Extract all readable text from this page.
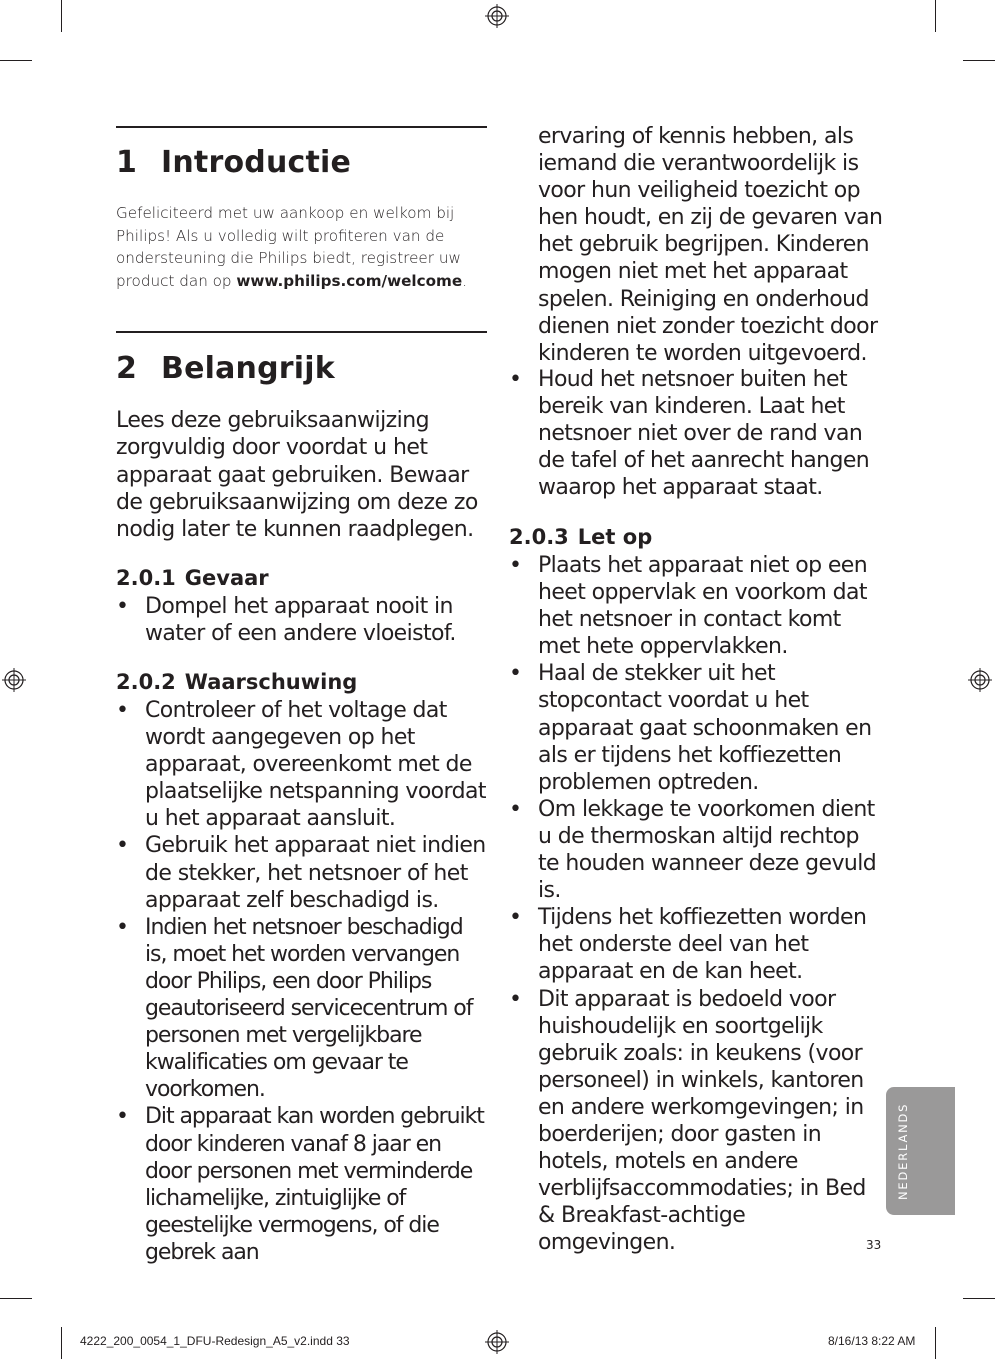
1 Introductie

Gefeliciteerd met uw aankoop en welkom bij Philips! Als u volledig wilt profiteren van de ondersteuning die Philips biedt, registreer uw product dan op www.philips.com/welcome.

2 Belangrijk

Lees deze gebruiksaanwijzing zorgvuldig door voordat u het apparaat gaat gebruiken. Bewaar de gebruiksaanwijzing om deze zo nodig later te kunnen raadplegen.

2.0.1 Gevaar
• Dompel het apparaat nooit in water of een andere vloeistof.
2.0.2 Waarschuwing
• Controleer of het voltage dat wordt aangegeven op het apparaat, overeenkomt met de plaatselijke netspanning voordat u het apparaat aansluit.
• Gebruik het apparaat niet indien de stekker, het netsnoer of het apparaat zelf beschadigd is.
• Indien het netsnoer beschadigd is, moet het worden vervangen door Philips, een door Philips geautoriseerd servicecentrum of personen met vergelijkbare kwalificaties om gevaar te voorkomen.
• Dit apparaat kan worden gebruikt door kinderen vanaf 8 jaar en door personen met verminderde lichamelijke, zintuiglijke of geestelijke vermogens, of die gebrek aan

ervaring of kennis hebben, als iemand die verantwoordelijk is voor hun veiligheid toezicht op hen houdt, en zij de gevaren van het gebruik begrijpen. Kinderen mogen niet met het apparaat spelen. Reiniging en onderhoud dienen niet zonder toezicht door kinderen te worden uitgevoerd.

• Houd het netsnoer buiten het bereik van kinderen. Laat het netsnoer niet over de rand van de tafel of het aanrecht hangen waarop het apparaat staat.
2.0.3 Let op
• Plaats het apparaat niet op een heet oppervlak en voorkom dat het netsnoer in contact komt met hete oppervlakken.
• Haal de stekker uit het stopcontact voordat u het apparaat gaat schoonmaken en als er tijdens het koffiezetten problemen optreden.
• Om lekkage te voorkomen dient u de thermoskan altijd rechtop te houden wanneer deze gevuld is.
• Tijdens het koffiezetten worden het onderste deel van het apparaat en de kan heet.
• Dit apparaat is bedoeld voor huishoudelijk en soortgelijk gebruik zoals: in keukens (voor personeel) in winkels, kantoren en andere werkomgevingen; in boerderijen; door gasten in hotels, motels en andere verblijfsaccommodaties; in Bed & Breakfast-achtige omgevingen.
NEDERLANDS
33
4222_200_0054_1_DFU-Redesign_A5_v2.indd 33	8/16/13 8:22 AM
